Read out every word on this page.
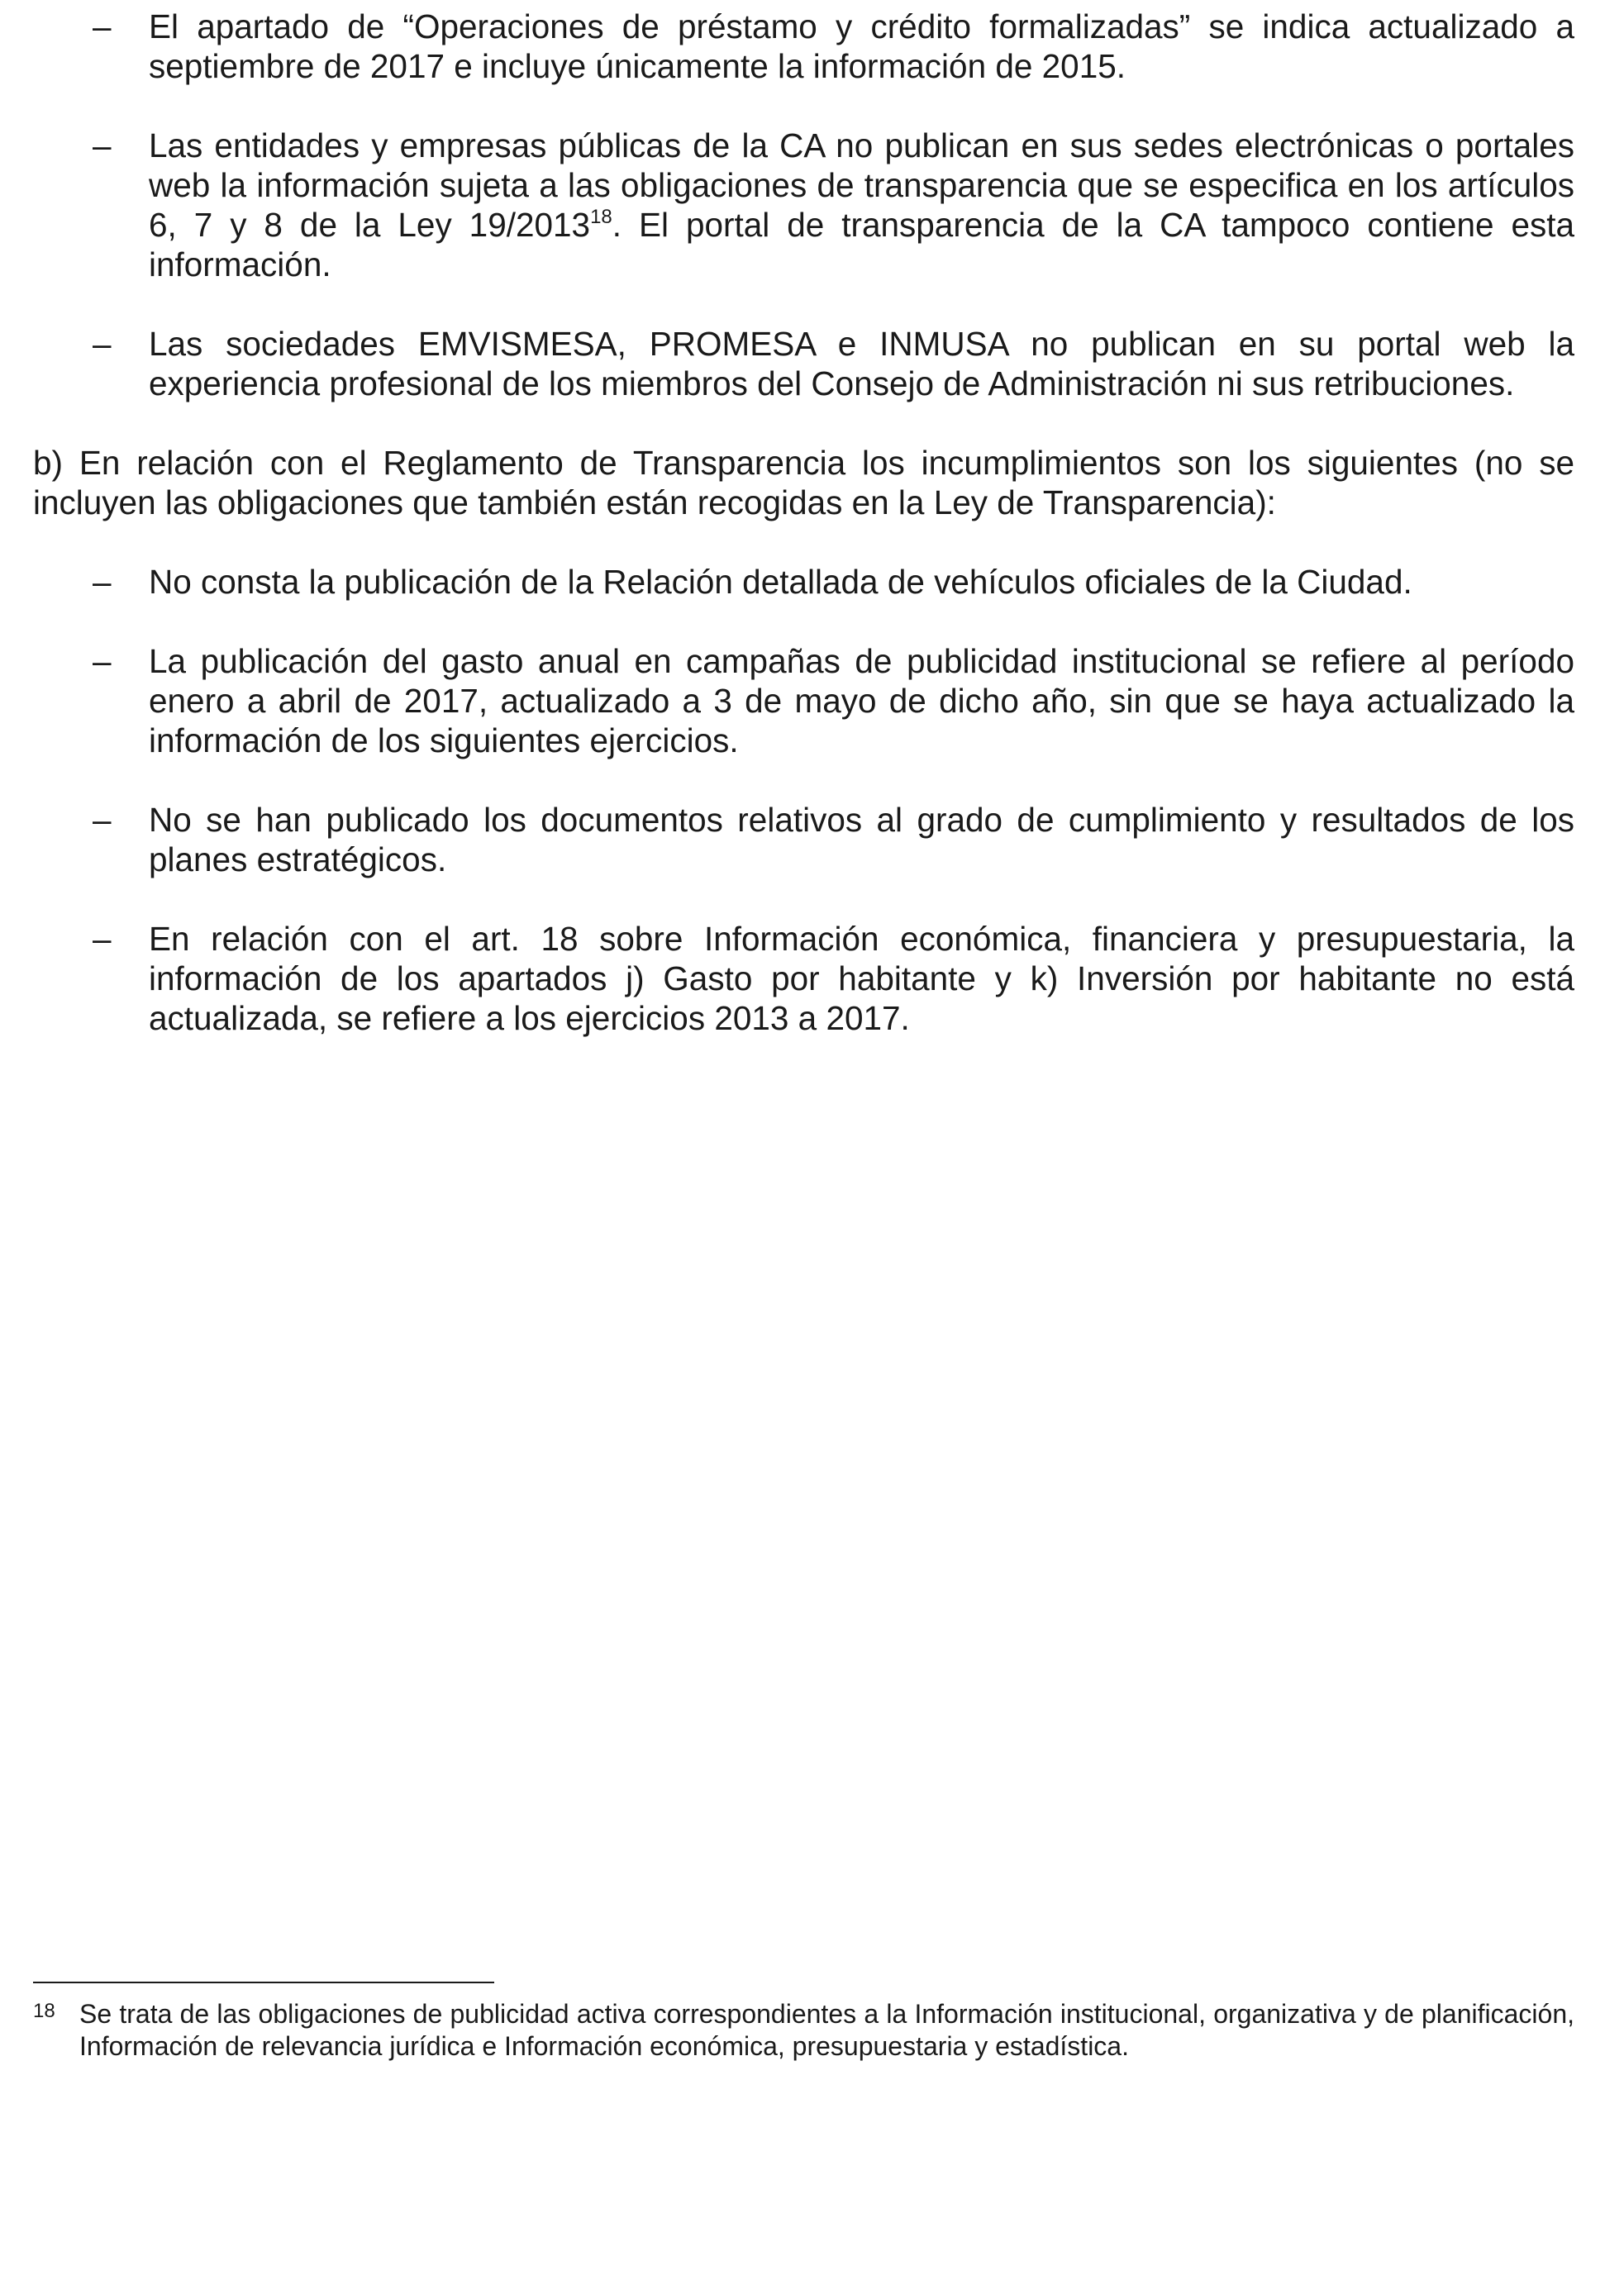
– El apartado de “Operaciones de préstamo y crédito formalizadas” se indica actualizado a septiembre de 2017 e incluye únicamente la información de 2015.
– Las entidades y empresas públicas de la CA no publican en sus sedes electrónicas o portales web la información sujeta a las obligaciones de transparencia que se especifica en los artículos 6, 7 y 8 de la Ley 19/2013$^{18}$. El portal de transparencia de la CA tampoco contiene esta información.
– Las sociedades EMVISMESA, PROMESA e INMUSA no publican en su portal web la experiencia profesional de los miembros del Consejo de Administración ni sus retribuciones.

b) En relación con el Reglamento de Transparencia los incumplimientos son los siguientes (no se incluyen las obligaciones que también están recogidas en la Ley de Transparencia):

– No consta la publicación de la Relación detallada de vehículos oficiales de la Ciudad.
– La publicación del gasto anual en campañas de publicidad institucional se refiere al período enero a abril de 2017, actualizado a 3 de mayo de dicho año, sin que se haya actualizado la información de los siguientes ejercicios.
– No se han publicado los documentos relativos al grado de cumplimiento y resultados de los planes estratégicos.
– En relación con el art. 18 sobre Información económica, financiera y presupuestaria, la información de los apartados j) Gasto por habitante y k) Inversión por habitante no está actualizada, se refiere a los ejercicios 2013 a 2017.
18 Se trata de las obligaciones de publicidad activa correspondientes a la Información institucional, organizativa y de planificación, Información de relevancia jurídica e Información económica, presupuestaria y estadística.
